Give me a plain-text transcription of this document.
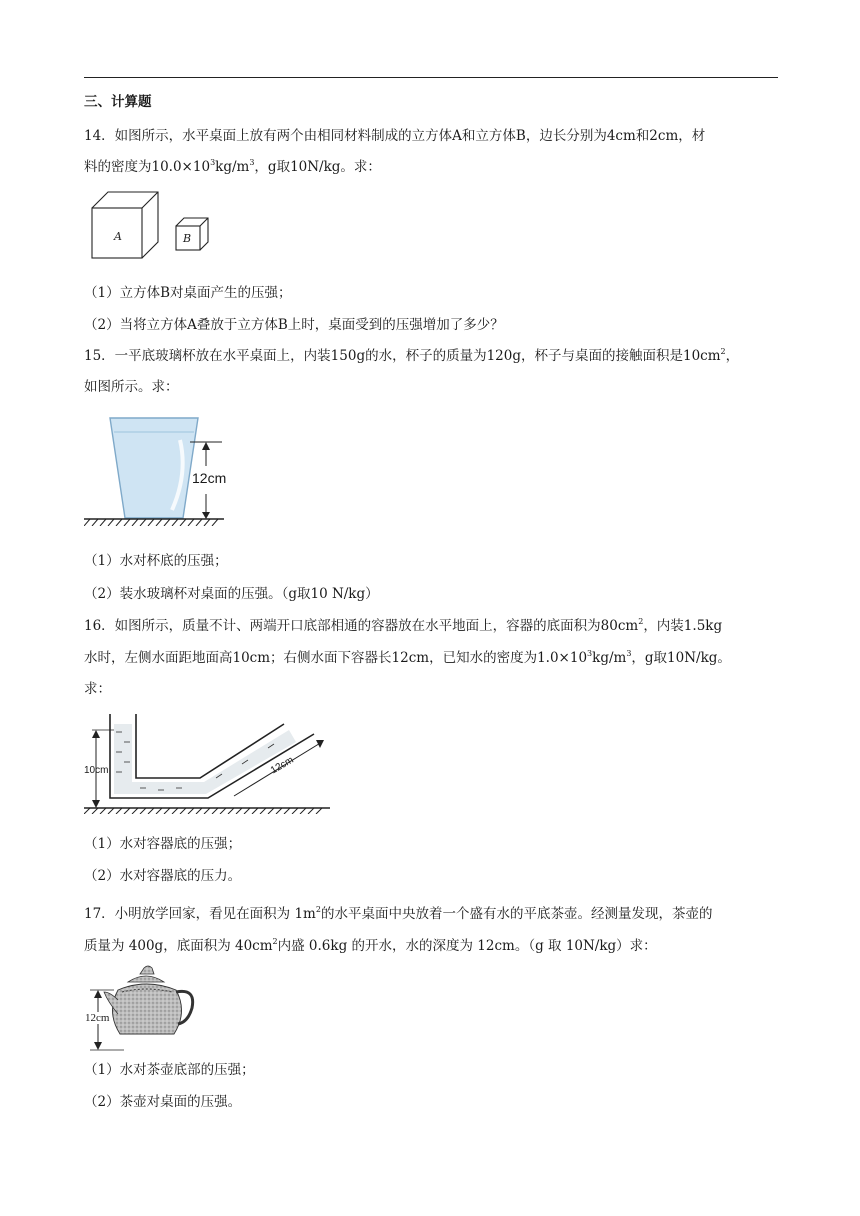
三、计算题
14．如图所示，水平桌面上放有两个由相同材料制成的立方体A和立方体B，边长分别为4cm和2cm，材
料的密度为$10.0\times 10^3kg/m^3$，g取10N/kg。求：
A	B
（1）立方体B对桌面产生的压强；
（2）当将立方体A叠放于立方体B上时，桌面受到的压强增加了多少？
15．一平底玻璃杯放在水平桌面上，内装150g的水，杯子的质量为120g，杯子与桌面的接触面积是$10cm^2$，
如图所示。求：
12cm
（1）水对杯底的压强；
（2）装水玻璃杯对桌面的压强。（g取10 N/kg）
16．如图所示，质量不计、两端开口底部相通的容器放在水平地面上，容器的底面积为$80cm^2$，内装1.5kg
水时，左侧水面距地面高10cm；右侧水面下容器长12cm，已知水的密度为$1.0\times 10^3kg/m^3$，g取10N/kg。
求：
10cm	12cm
（1）水对容器底的压强；
（2）水对容器底的压力。
17．小明放学回家，看见在面积为 $1m^2$的水平桌面中央放着一个盛有水的平底茶壶。经测量发现，茶壶的
质量为 400g，底面积为 $40cm^2$内盛 0.6kg 的开水，水的深度为 12cm。（g 取 10N/kg）求：
12cm
（1）水对茶壶底部的压强；
（2）茶壶对桌面的压强。
